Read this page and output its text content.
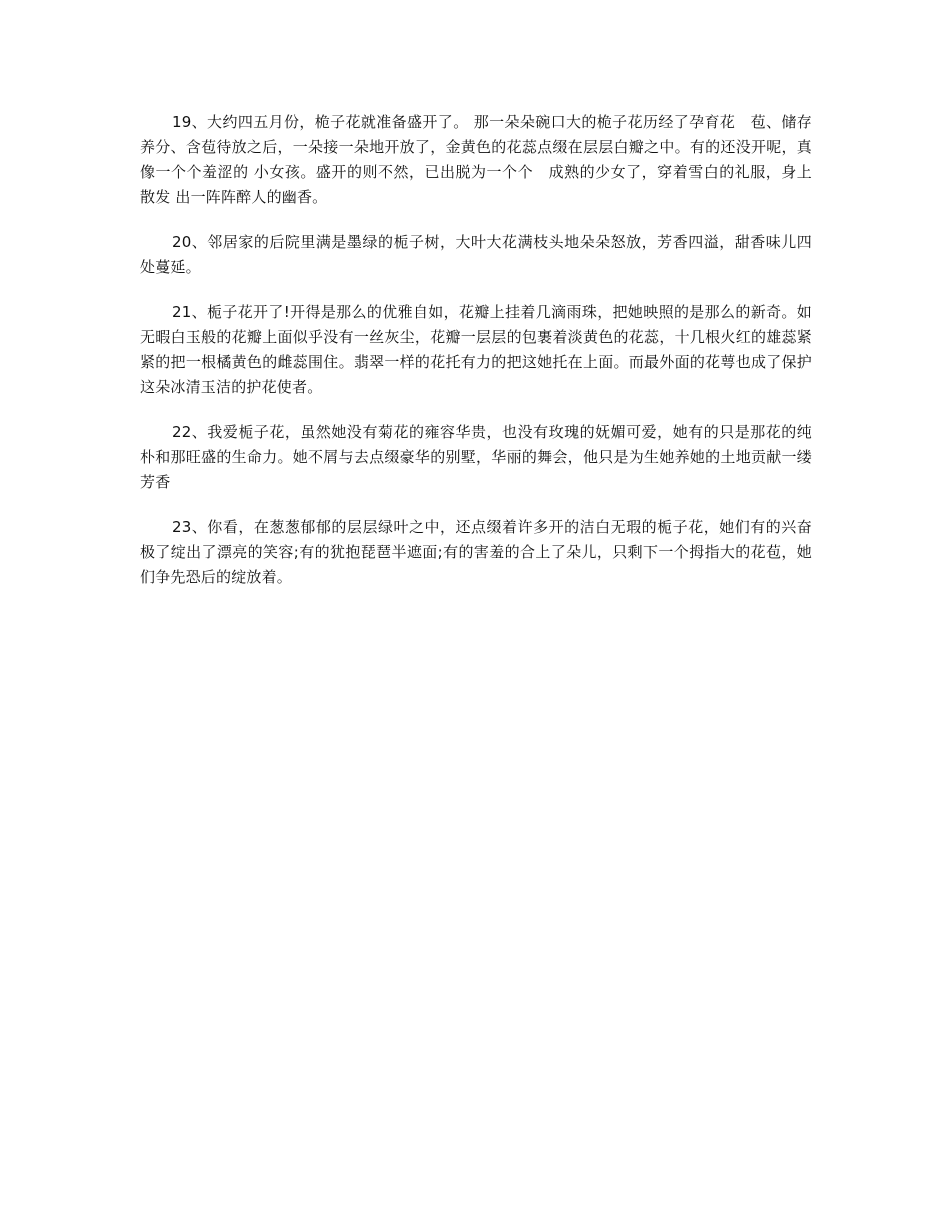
19、大约四五月份，桅子花就准备盛开了。 那一朵朵碗口大的桅子花历经了孕育花　苞、储存养分、含苞待放之后，一朵接一朵地开放了，金黄色的花蕊点缀在层层白瓣之中。有的还没开呢，真像一个个羞涩的 小女孩。盛开的则不然，已出脱为一个个　成熟的少女了，穿着雪白的礼服，身上散发 出一阵阵醉人的幽香。

20、邻居家的后院里满是墨绿的栀子树，大叶大花满枝头地朵朵怒放，芳香四溢，甜香味儿四处蔓延。

21、栀子花开了!开得是那么的优雅自如，花瓣上挂着几滴雨珠，把她映照的是那么的新奇。如无暇白玉般的花瓣上面似乎没有一丝灰尘，花瓣一层层的包裹着淡黄色的花蕊，十几根火红的雄蕊紧紧的把一根橘黄色的雌蕊围住。翡翠一样的花托有力的把这她托在上面。而最外面的花萼也成了保护这朵冰清玉洁的护花使者。

22、我爱栀子花，虽然她没有菊花的雍容华贵，也没有玫瑰的妩媚可爱，她有的只是那花的纯朴和那旺盛的生命力。她不屑与去点缀豪华的别墅，华丽的舞会，他只是为生她养她的土地贡献一缕芳香

23、你看，在葱葱郁郁的层层绿叶之中，还点缀着许多开的洁白无瑕的栀子花，她们有的兴奋极了绽出了漂亮的笑容;有的犹抱琵琶半遮面;有的害羞的合上了朵儿，只剩下一个拇指大的花苞，她们争先恐后的绽放着。
